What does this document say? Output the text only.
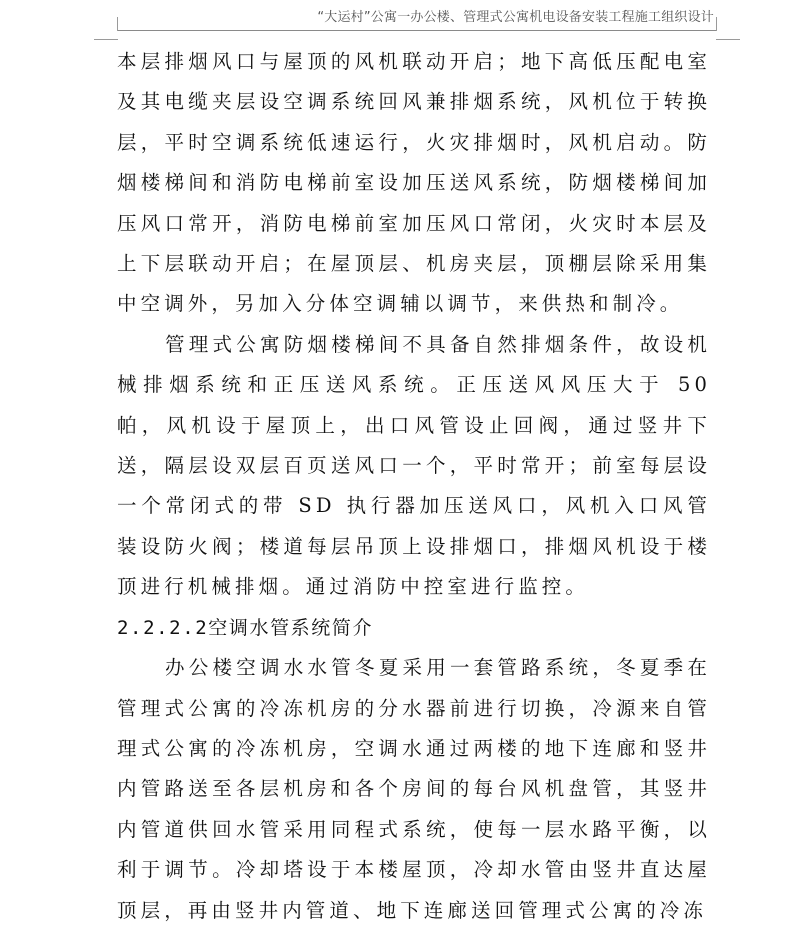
“大运村”公寓一办公楼、管理式公寓机电设备安装工程施工组织设计

本层排烟风口与屋顶的风机联动开启；地下高低压配电室及其电缆夹层设空调系统回风兼排烟系统，风机位于转换层，平时空调系统低速运行，火灾排烟时，风机启动。防烟楼梯间和消防电梯前室设加压送风系统，防烟楼梯间加压风口常开，消防电梯前室加压风口常闭，火灾时本层及上下层联动开启；在屋顶层、机房夹层，顶棚层除采用集中空调外，另加入分体空调辅以调节，来供热和制冷。

管理式公寓防烟楼梯间不具备自然排烟条件，故设机械排烟系统和正压送风系统。正压送风风压大于 50 帕，风机设于屋顶上，出口风管设止回阀，通过竖井下送，隔层设双层百页送风口一个，平时常开；前室每层设一个常闭式的带 SD 执行器加压送风口，风机入口风管装设防火阀；楼道每层吊顶上设排烟口，排烟风机设于楼顶进行机械排烟。通过消防中控室进行监控。

2.2.2.2空调水管系统简介

办公楼空调水水管冬夏采用一套管路系统，冬夏季在管理式公寓的冷冻机房的分水器前进行切换，冷源来自管理式公寓的冷冻机房，空调水通过两楼的地下连廊和竖井内管路送至各层机房和各个房间的每台风机盘管，其竖井内管道供回水管采用同程式系统，使每一层水路平衡，以利于调节。冷却塔设于本楼屋顶，冷却水管由竖井直达屋顶层，再由竖井内管道、地下连廊送回管理式公寓的冷冻
